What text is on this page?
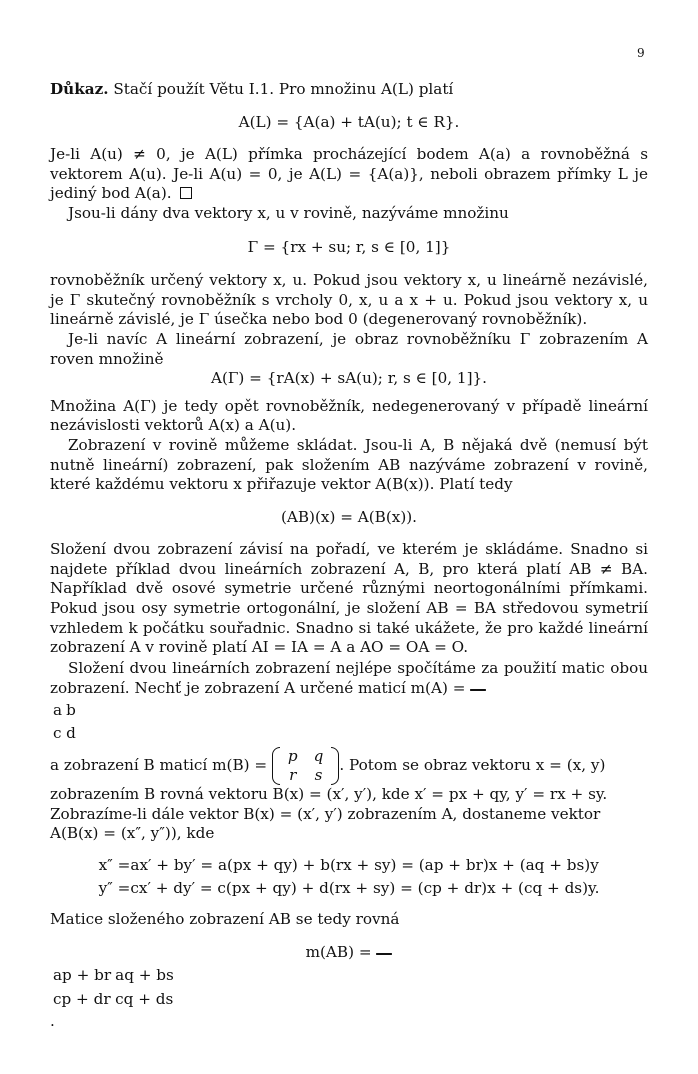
9

Důkaz. Stačí použít Větu I.1. Pro množinu A(L) platí

A(L) = {A(a) + tA(u); t ∈ R}.

Je-li A(u) ≠ 0, je A(L) přímka procházející bodem A(a) a rovnoběžná s vektorem A(u). Je-li A(u) = 0, je A(L) = {A(a)}, neboli obrazem přímky L je jediný bod A(a).

Jsou-li dány dva vektory x, u v rovině, nazýváme množinu

Γ = {rx + su; r, s ∈ [0, 1]}

rovnoběžník určený vektory x, u. Pokud jsou vektory x, u lineárně nezávislé, je Γ skutečný rovnoběžník s vrcholy 0, x, u a x + u. Pokud jsou vektory x, u lineárně závislé, je Γ úsečka nebo bod 0 (degenerovaný rovnoběžník).

Je-li navíc A lineární zobrazení, je obraz rovnoběžníku Γ zobrazením A roven množině

A(Γ) = {rA(x) + sA(u); r, s ∈ [0, 1]}.

Množina A(Γ) je tedy opět rovnoběžník, nedegenerovaný v případě lineární nezávislosti vektorů A(x) a A(u).

Zobrazení v rovině můžeme skládat. Jsou-li A, B nějaká dvě (nemusí být nutně lineární) zobrazení, pak složením AB nazýváme zobrazení v rovině, které každému vektoru x přiřazuje vektor A(B(x)). Platí tedy

(AB)(x) = A(B(x)).

Složení dvou zobrazení závisí na pořadí, ve kterém je skládáme. Snadno si najdete příklad dvou lineárních zobrazení A, B, pro která platí AB ≠ BA. Například dvě osové symetrie určené různými neortogonálními přímkami. Pokud jsou osy symetrie ortogonální, je složení AB = BA středovou symetrií vzhledem k počátku souřadnic. Snadno si také ukážete, že pro každé lineární zobrazení A v rovině platí AI = IA = A a AO = OA = O.

Složení dvou lineárních zobrazení nejlépe spočítáme za použití matic obou zobrazení. Nechť je zobrazení A určené maticí m(A) =

a	b
c	d
a zobrazení B maticí m(B) = p	q
r	s
. Potom se obraz vektoru x = (x, y) zobrazením B rovná vektoru B(x) = (x′, y′), kde x′ = px + qy, y′ = rx + sy. Zobrazíme-li dále vektor B(x) = (x′, y′) zobrazením A, dostaneme vektor A(B(x) = (x″, y″)), kde

x″ =	ax′ + by′ = a(px + qy) + b(rx + sy) = (ap + br)x + (aq + bs)y
y″ =	cx′ + dy′ = c(px + qy) + d(rx + sy) = (cp + dr)x + (cq + ds)y.

Matice složeného zobrazení AB se tedy rovná

m(AB) =

ap + br	aq + bs
cp + dr	cq + ds
.
